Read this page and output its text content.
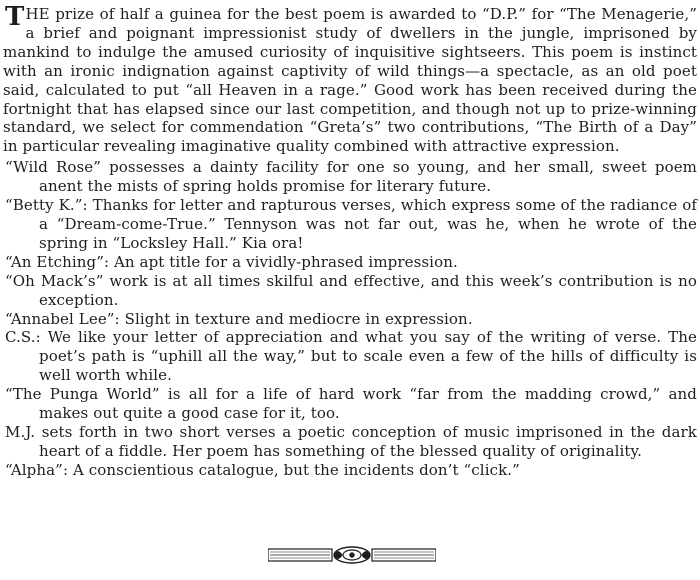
THE prize of half a guinea for the best poem is awarded to “D.P.” for “The Menagerie,” a brief and poignant impressionist study of dwellers in the jungle, imprisoned by mankind to indulge the amused curiosity of inquisitive sightseers. This poem is instinct with an ironic indignation against captivity of wild things—a spectacle, as an old poet said, calculated to put “all Heaven in a rage.” Good work has been received during the fortnight that has elapsed since our last competition, and though not up to prize-winning standard, we select for commendation “Greta’s” two contributions, “The Birth of a Day” in particular revealing imaginative quality combined with attractive expression.

“Wild Rose” possesses a dainty facility for one so young, and her small, sweet poem anent the mists of spring holds promise for literary future.

“Betty K.”: Thanks for letter and rapturous verses, which express some of the radiance of a “Dream-come-True.” Tennyson was not far out, was he, when he wrote of the spring in “Locksley Hall.” Kia ora!

“An Etching”: An apt title for a vividly-phrased impression.

“Oh Mack’s” work is at all times skilful and effective, and this week’s contribution is no exception.

“Annabel Lee”: Slight in texture and mediocre in expression.

C.S.: We like your letter of appreciation and what you say of the writing of verse. The poet’s path is “uphill all the way,” but to scale even a few of the hills of difficulty is well worth while.

“The Punga World” is all for a life of hard work “far from the madding crowd,” and makes out quite a good case for it, too.

M.J. sets forth in two short verses a poetic conception of music imprisoned in the dark heart of a fiddle. Her poem has something of the blessed quality of originality.

“Alpha”: A conscientious catalogue, but the incidents don’t “click.”
